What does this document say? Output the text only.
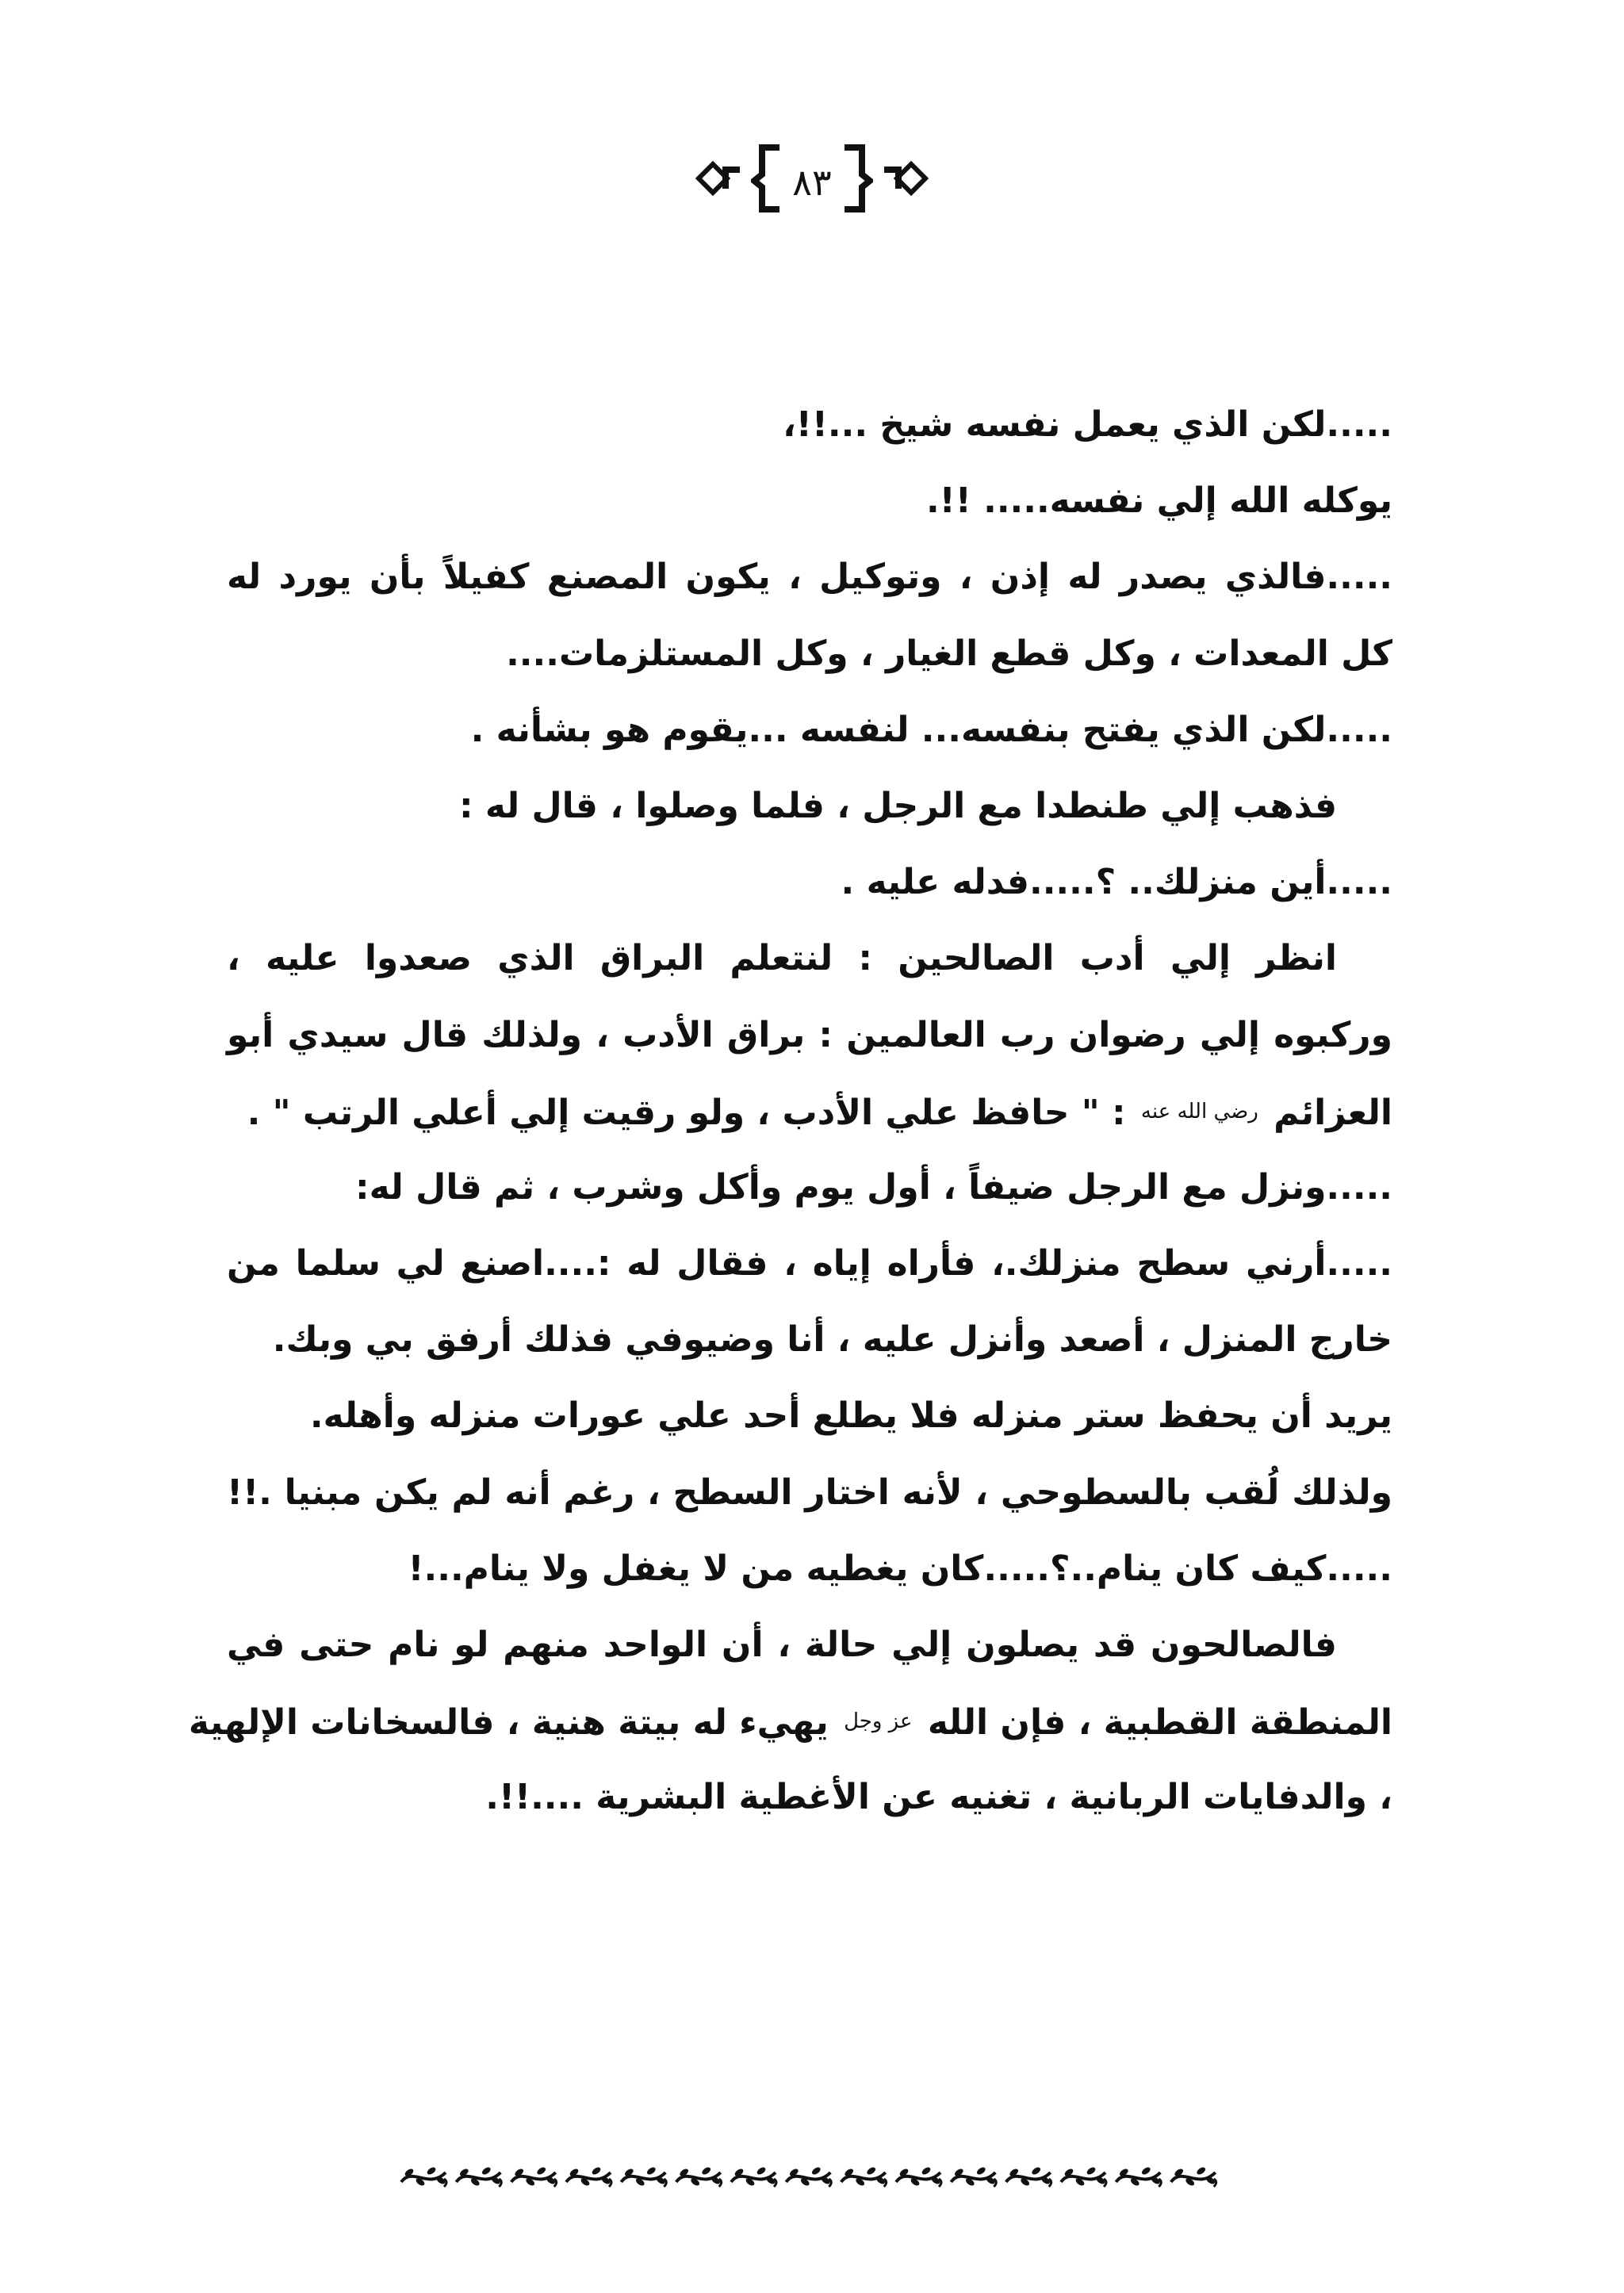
٨٣
.....لكن الذي يعمل نفسه شيخ ...!!،
يوكله الله إلي نفسه..... !!.
.....فالذي يصدر له إذن ، وتوكيل ، يكون المصنع كفيلاً بأن يورد له
كل المعدات ، وكل قطع الغيار ، وكل المستلزمات....
.....لكن الذي يفتح بنفسه... لنفسه ...يقوم هو بشأنه .
فذهب إلي طنطدا مع الرجل ، فلما وصلوا ، قال له :
.....أين منزلك.. ؟.....فدله عليه .
انظر إلي أدب الصالحين : لنتعلم البراق الذي صعدوا عليه ،
وركبوه إلي رضوان رب العالمين : براق الأدب ، ولذلك قال سيدي أبو
العزائم رضي الله عنه : " حافظ علي الأدب ، ولو رقيت إلي أعلي الرتب " .
.....ونزل مع الرجل ضيفاً ، أول يوم وأكل وشرب ، ثم قال له:
.....أرني سطح منزلك.، فأراه إياه ، فقال له :....اصنع لي سلما من
خارج المنزل ، أصعد وأنزل عليه ، أنا وضيوفي فذلك أرفق بي وبك.
يريد أن يحفظ ستر منزله فلا يطلع أحد علي عورات منزله وأهله.
ولذلك لُقب بالسطوحي ، لأنه اختار السطح ، رغم أنه لم يكن مبنيا .!!
.....كيف كان ينام..؟.....كان يغطيه من لا يغفل ولا ينام...!
فالصالحون قد يصلون إلي حالة ، أن الواحد منهم لو نام حتى في
المنطقة القطبية ، فإن الله عز وجل يهيء له بيتة هنية ، فالسخانات الإلهية
، والدفايات الربانية ، تغنيه عن الأغطية البشرية ....!!.
